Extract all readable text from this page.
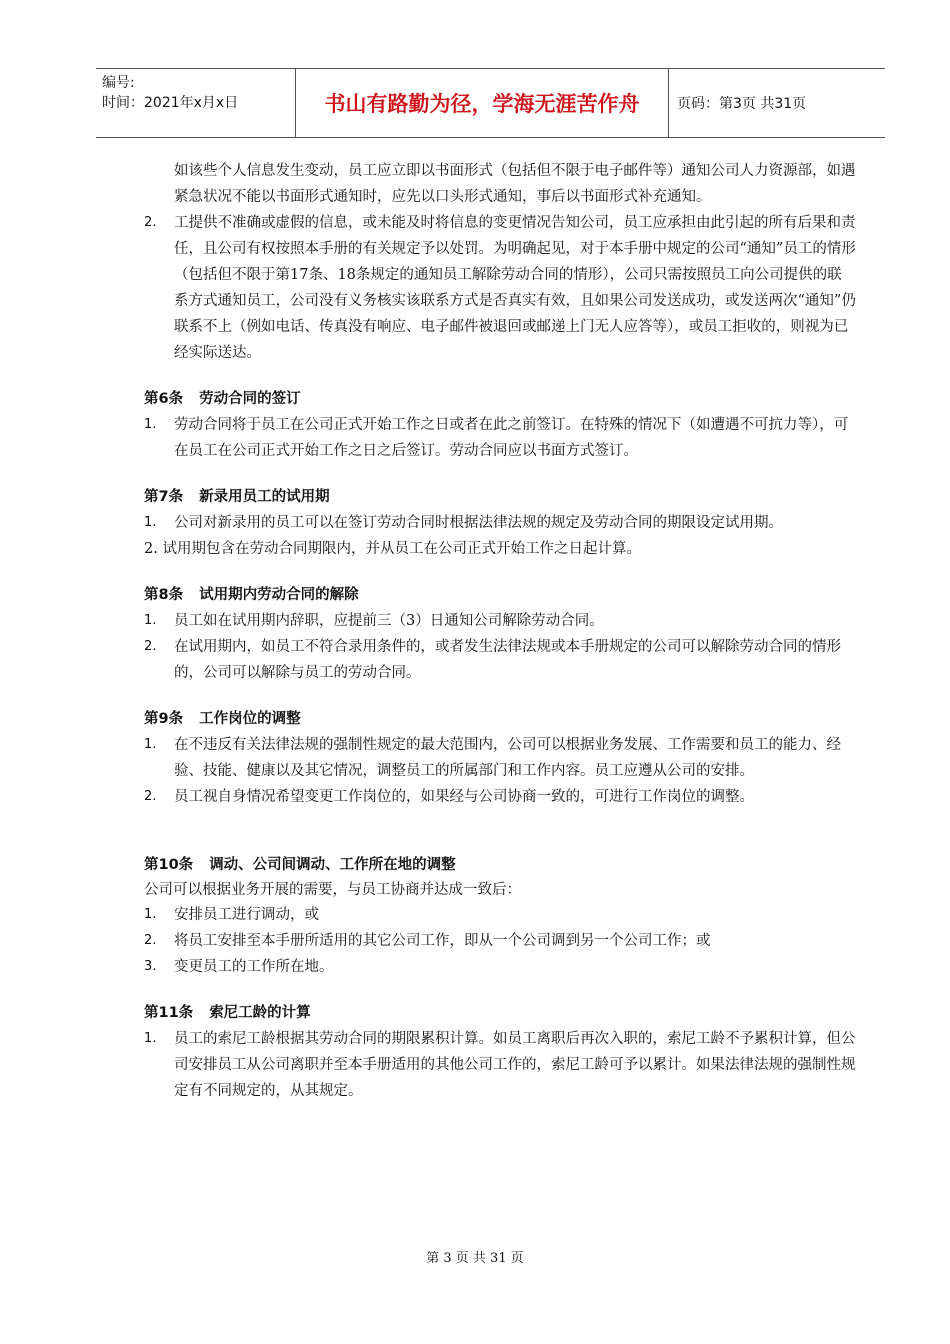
编号:
时间：2021年x月x日	书山有路勤为径，学海无涯苦作舟	页码：第3页 共31页
如该些个人信息发生变动，员工应立即以书面形式（包括但不限于电子邮件等）通知公司人力资源部，如遇紧急状况不能以书面形式通知时，应先以口头形式通知，事后以书面形式补充通知。
2.	工提供不准确或虚假的信息，或未能及时将信息的变更情况告知公司，员工应承担由此引起的所有后果和责任，且公司有权按照本手册的有关规定予以处罚。为明确起见，对于本手册中规定的公司“通知”员工的情形（包括但不限于第17条、18条规定的通知员工解除劳动合同的情形），公司只需按照员工向公司提供的联系方式通知员工，公司没有义务核实该联系方式是否真实有效，且如果公司发送成功，或发送两次“通知”仍联系不上（例如电话、传真没有响应、电子邮件被退回或邮递上门无人应答等），或员工拒收的，则视为已经实际送达。
第6条 劳动合同的签订
1.	劳动合同将于员工在公司正式开始工作之日或者在此之前签订。在特殊的情况下（如遭遇不可抗力等），可在员工在公司正式开始工作之日之后签订。劳动合同应以书面方式签订。
第7条 新录用员工的试用期
1.	公司对新录用的员工可以在签订劳动合同时根据法律法规的规定及劳动合同的期限设定试用期。
2. 试用期包含在劳动合同期限内，并从员工在公司正式开始工作之日起计算。
第8条 试用期内劳动合同的解除
1.	员工如在试用期内辞职，应提前三（3）日通知公司解除劳动合同。
2.	在试用期内，如员工不符合录用条件的，或者发生法律法规或本手册规定的公司可以解除劳动合同的情形的，公司可以解除与员工的劳动合同。
第9条 工作岗位的调整
1.	在不违反有关法律法规的强制性规定的最大范围内，公司可以根据业务发展、工作需要和员工的能力、经验、技能、健康以及其它情况，调整员工的所属部门和工作内容。员工应遵从公司的安排。
2.	员工视自身情况希望变更工作岗位的，如果经与公司协商一致的，可进行工作岗位的调整。
第10条 调动、公司间调动、工作所在地的调整
公司可以根据业务开展的需要，与员工协商并达成一致后：
1.	安排员工进行调动，或
2.	将员工安排至本手册所适用的其它公司工作，即从一个公司调到另一个公司工作；或
3.	变更员工的工作所在地。
第11条 索尼工龄的计算
1.	员工的索尼工龄根据其劳动合同的期限累积计算。如员工离职后再次入职的，索尼工龄不予累积计算，但公司安排员工从公司离职并至本手册适用的其他公司工作的，索尼工龄可予以累计。如果法律法规的强制性规定有不同规定的，从其规定。
第 3 页 共 31 页
